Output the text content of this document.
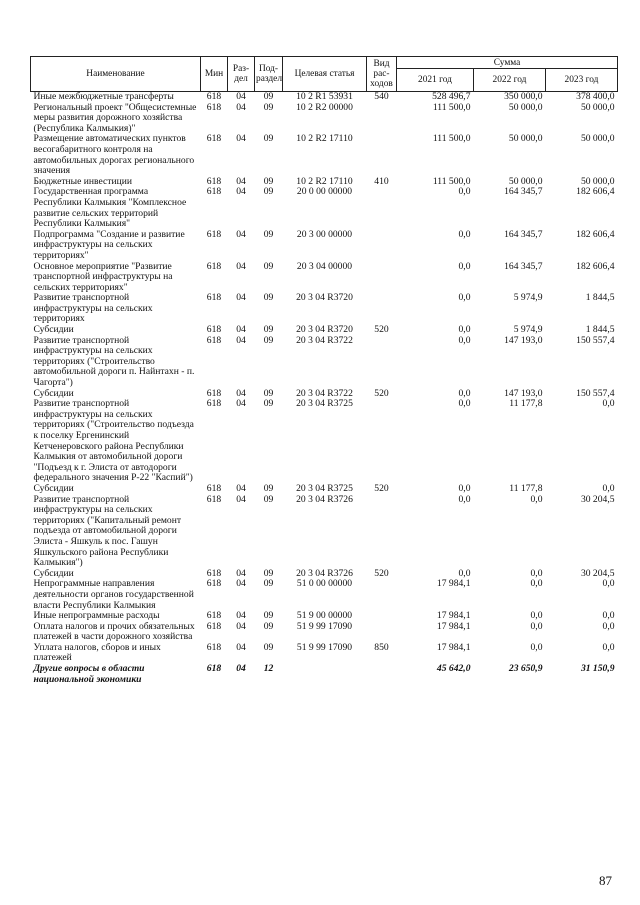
Наименование	Мин	Раз-дел	Под-раздел	Целевая статья	Вид рас-ходов	Сумма		
						2021 год	2022 год	2023 год
Иные межбюджетные трансферты	618	04	09	10 2 R1 53931	540	528 496,7	350 000,0	378 400,0
Региональный проект "Общесистемные меры развития дорожного хозяйства (Республика Калмыкия)"	618	04	09	10 2 R2 00000		111 500,0	50 000,0	50 000,0
Размещение автоматических пунктов весогабаритного контроля на автомобильных дорогах регионального значения	618	04	09	10 2 R2 17110		111 500,0	50 000,0	50 000,0
Бюджетные инвестиции	618	04	09	10 2 R2 17110	410	111 500,0	50 000,0	50 000,0
Государственная программа Республики Калмыкия "Комплексное развитие сельских территорий Республики Калмыкия"	618	04	09	20 0 00 00000		0,0	164 345,7	182 606,4
Подпрограмма "Создание и развитие инфраструктуры на сельских территориях"	618	04	09	20 3 00 00000		0,0	164 345,7	182 606,4
Основное мероприятие "Развитие транспортной инфраструктуры на сельских территориях"	618	04	09	20 3 04 00000		0,0	164 345,7	182 606,4
Развитие транспортной инфраструктуры на сельских территориях	618	04	09	20 3 04 R3720		0,0	5 974,9	1 844,5
Субсидии	618	04	09	20 3 04 R3720	520	0,0	5 974,9	1 844,5
Развитие транспортной инфраструктуры на сельских территориях ("Строительство автомобильной дороги п. Найнтахн - п. Чагорта")	618	04	09	20 3 04 R3722		0,0	147 193,0	150 557,4
Субсидии	618	04	09	20 3 04 R3722	520	0,0	147 193,0	150 557,4
Развитие транспортной инфраструктуры на сельских территориях ("Строительство подъезда к поселку Ергенинский Кетченеровского района Республики Калмыкия от автомобильной дороги "Подъезд к г. Элиста от автодороги федерального значения Р-22 "Каспий")	618	04	09	20 3 04 R3725		0,0	11 177,8	0,0
Субсидии	618	04	09	20 3 04 R3725	520	0,0	11 177,8	0,0
Развитие транспортной инфраструктуры на сельских территориях ("Капитальный ремонт подъезда от автомобильной дороги Элиста - Яшкуль к пос. Гашун Яшкульского района Республики Калмыкия")	618	04	09	20 3 04 R3726		0,0	0,0	30 204,5
Субсидии	618	04	09	20 3 04 R3726	520	0,0	0,0	30 204,5
Непрограммные направления деятельности органов государственной власти Республики Калмыкия	618	04	09	51 0 00 00000		17 984,1	0,0	0,0
Иные непрограммные расходы	618	04	09	51 9 00 00000		17 984,1	0,0	0,0
Оплата налогов и прочих обязательных платежей в части дорожного хозяйства	618	04	09	51 9 99 17090		17 984,1	0,0	0,0
Уплата налогов, сборов и иных платежей	618	04	09	51 9 99 17090	850	17 984,1	0,0	0,0
Другие вопросы в области национальной экономики	618	04	12			45 642,0	23 650,9	31 150,9
87
